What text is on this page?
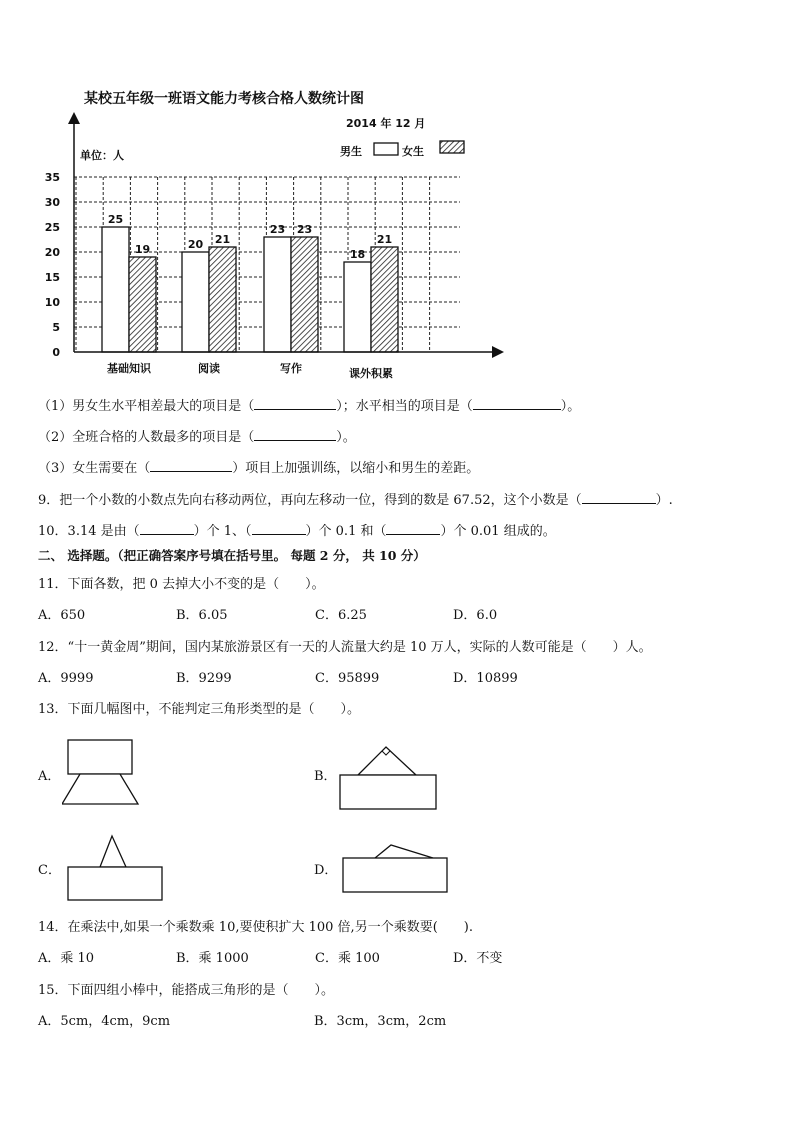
某校五年级一班语文能力考核合格人数统计图
2014 年 12 月
单位：人	男生	女生
25
19	20 21
23 23
18
21
0
5
10
15
20
25
30
35
基础知识	阅读	写作	课外积累
（1）男女生水平相差最大的项目是（	）；水平相当的项目是（	）。
（2）全班合格的人数最多的项目是（	）。
（3）女生需要在（	）项目上加强训练，以缩小和男生的差距。
9．把一个小数的小数点先向右移动两位，再向左移动一位，得到的数是 67.52，这个小数是（	）.
10．3.14 是由（	）个 1、（	）个 0.1 和（	）个 0.01 组成的。
二、 选择题。（把正确答案序号填在括号里。 每题 2 分， 共 10 分）
11．下面各数，把 0 去掉大小不变的是（　　）。
A．650	B．6.05	C．6.25	D．6.0
12．“十一黄金周”期间，国内某旅游景区有一天的人流量大约是 10 万人，实际的人数可能是（　　）人。
A．9999	B．9299	C．95899	D．10899
13．下面几幅图中，不能判定三角形类型的是（　　）。
A．	B．
C．	D．
14．在乘法中,如果一个乘数乘 10,要使积扩大 100 倍,另一个乘数要(　　).
A．乘 10	B．乘 1000	C．乘 100	D．不变
15．下面四组小棒中，能搭成三角形的是（　　）。
A．5cm，4cm，9cm	B．3cm，3cm，2cm
